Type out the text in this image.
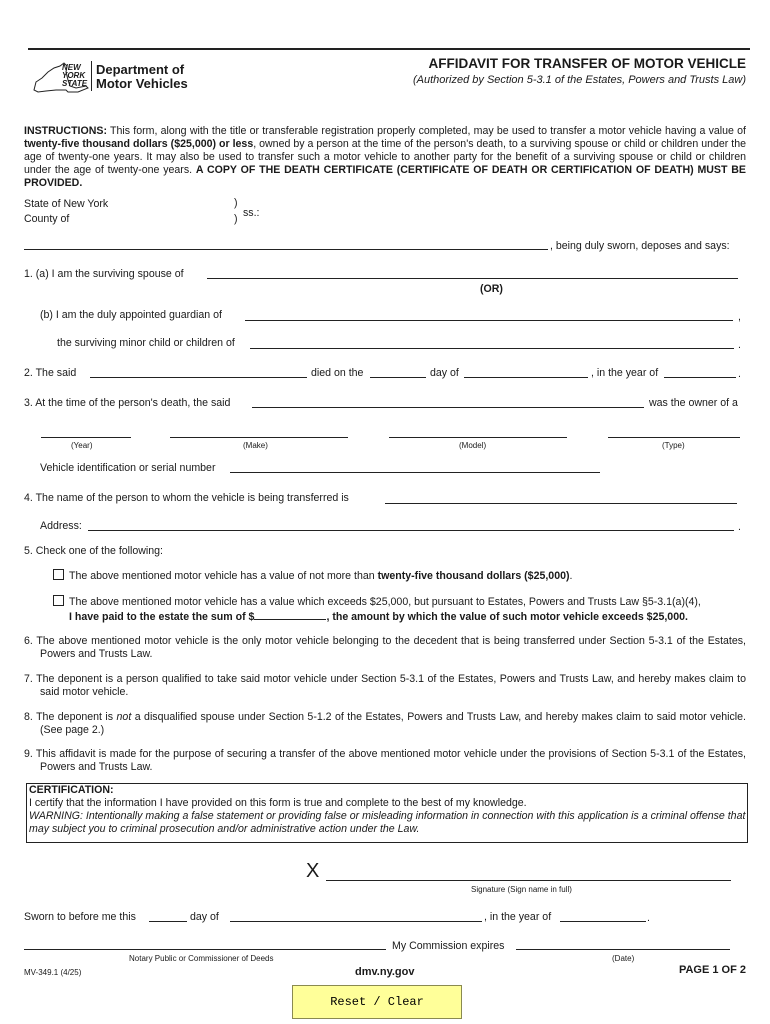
NEW
YORK
STATE
Department of
Motor Vehicles
AFFIDAVIT FOR TRANSFER OF MOTOR VEHICLE
(Authorized by Section 5-3.1 of the Estates, Powers and Trusts Law)
INSTRUCTIONS: This form, along with the title or transferable registration properly completed, may be used to transfer a motor vehicle having a value of twenty-five thousand dollars ($25,000) or less, owned by a person at the time of the person's death, to a surviving spouse or child or children under the age of twenty-one years. It may also be used to transfer such a motor vehicle to another party for the benefit of a surviving spouse or child or children under the age of twenty-one years. A COPY OF THE DEATH CERTIFICATE (CERTIFICATE OF DEATH OR CERTIFICATION OF DEATH) MUST BE PROVIDED.
State of New York
County of
)
) ss.:
, being duly sworn, deposes and says:
1. (a) I am the surviving spouse of
(OR)
(b) I am the duly appointed guardian of	,
the surviving minor child or children of	.
2. The said	died on the	day of	, in the year of	.
3. At the time of the person's death, the said	was the owner of a
(Year)	(Make)	(Model)	(Type)
Vehicle identification or serial number
4. The name of the person to whom the vehicle is being transferred is
Address:	.
5. Check one of the following:
The above mentioned motor vehicle has a value of not more than twenty-five thousand dollars ($25,000).
The above mentioned motor vehicle has a value which exceeds $25,000, but pursuant to Estates, Powers and Trusts Law §5-3.1(a)(4),
I have paid to the estate the sum of $	, the amount by which the value of such motor vehicle exceeds $25,000.
6. The above mentioned motor vehicle is the only motor vehicle belonging to the decedent that is being transferred under Section 5-3.1 of the Estates, Powers and Trusts Law.
7. The deponent is a person qualified to take said motor vehicle under Section 5-3.1 of the Estates, Powers and Trusts Law, and hereby makes claim to said motor vehicle.
8. The deponent is not a disqualified spouse under Section 5-1.2 of the Estates, Powers and Trusts Law, and hereby makes claim to said motor vehicle. (See page 2.)
9. This affidavit is made for the purpose of securing a transfer of the above mentioned motor vehicle under the provisions of Section 5-3.1 of the Estates, Powers and Trusts Law.
CERTIFICATION:
I certify that the information I have provided on this form is true and complete to the best of my knowledge.
WARNING: Intentionally making a false statement or providing false or misleading information in connection with this application is a criminal offense that may subject you to criminal prosecution and/or administrative action under the Law.
X
Signature (Sign name in full)
Sworn to before me this	day of	, in the year of	.
My Commission expires
Notary Public or Commissioner of Deeds	(Date)
MV-349.1 (4/25)	dmv.ny.gov	PAGE 1 OF 2
Reset / Clear
